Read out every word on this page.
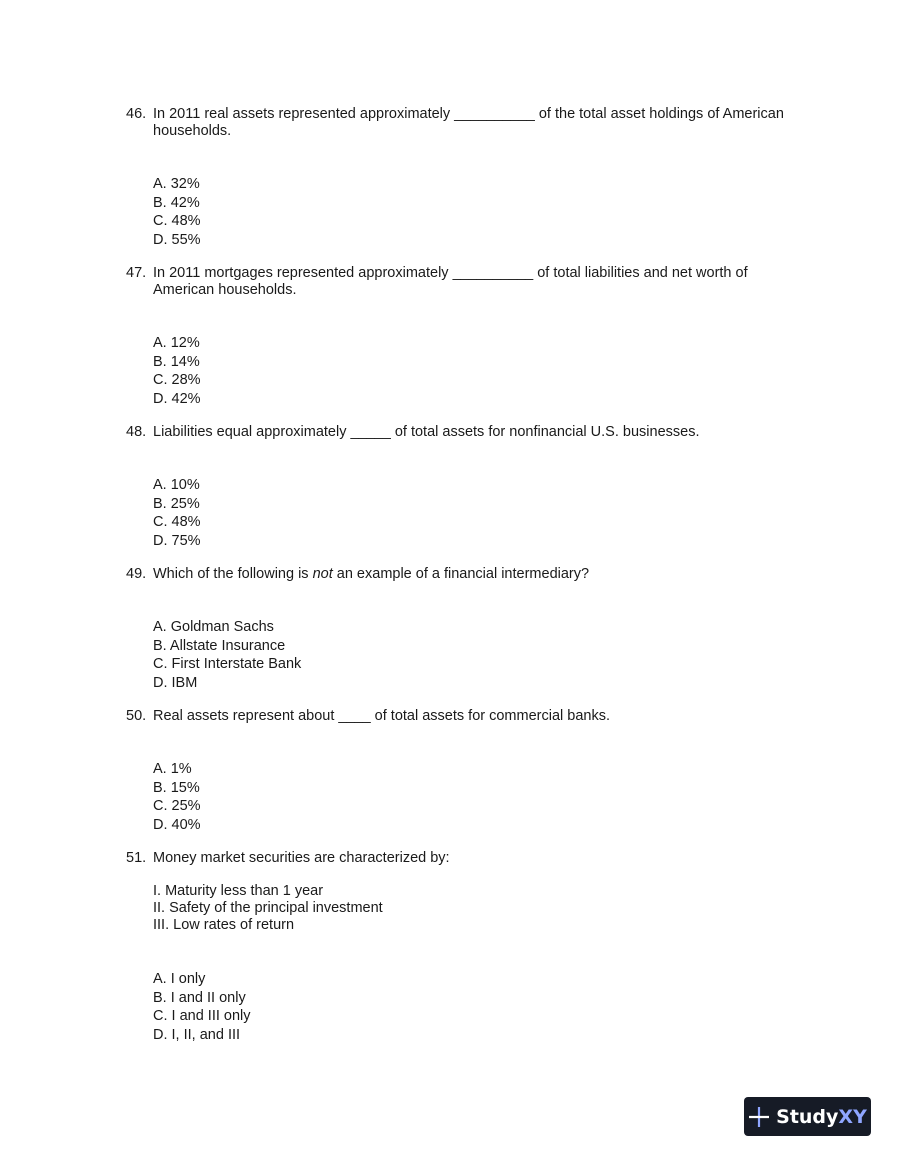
46. In 2011 real assets represented approximately __________ of the total asset holdings of American households.
A. 32%
B. 42%
C. 48%
D. 55%
47. In 2011 mortgages represented approximately __________ of total liabilities and net worth of American households.
A. 12%
B. 14%
C. 28%
D. 42%
48. Liabilities equal approximately _____ of total assets for nonfinancial U.S. businesses.
A. 10%
B. 25%
C. 48%
D. 75%
49. Which of the following is not an example of a financial intermediary?
A. Goldman Sachs
B. Allstate Insurance
C. First Interstate Bank
D. IBM
50. Real assets represent about ____ of total assets for commercial banks.
A. 1%
B. 15%
C. 25%
D. 40%
51. Money market securities are characterized by:
I. Maturity less than 1 year
II. Safety of the principal investment
III. Low rates of return
A. I only
B. I and II only
C. I and III only
D. I, II, and III
Study XY
